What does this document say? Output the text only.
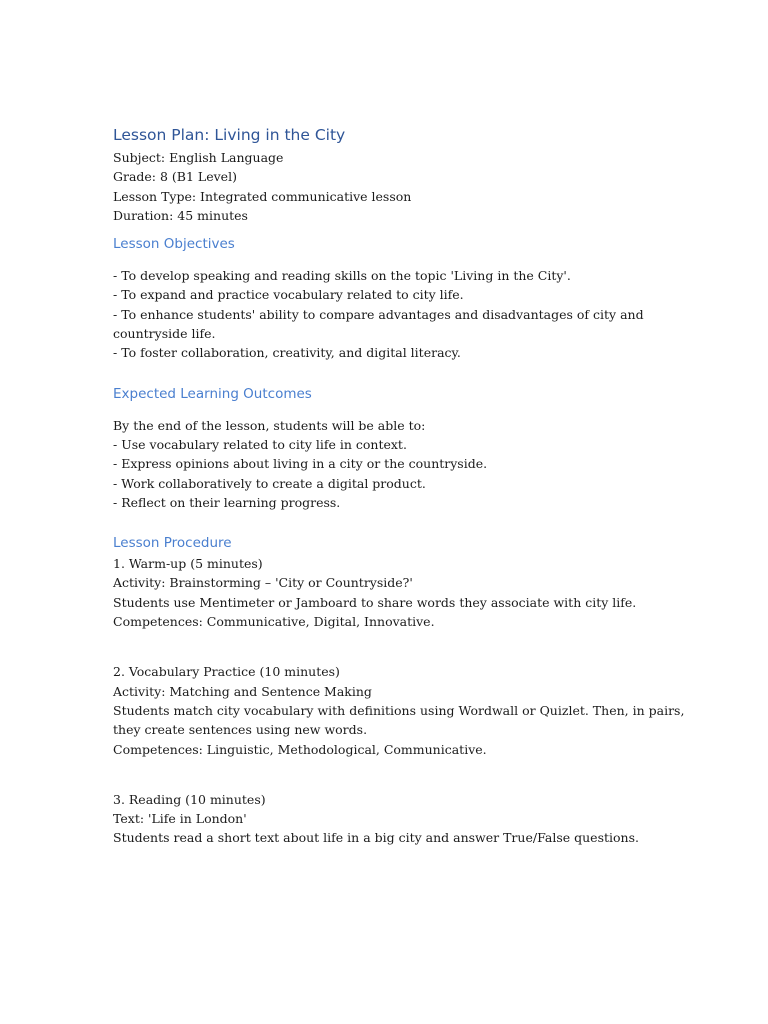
Lesson Plan: Living in the City
Subject: English Language
Grade: 8 (B1 Level)
Lesson Type: Integrated communicative lesson
Duration: 45 minutes
Lesson Objectives
- To develop speaking and reading skills on the topic 'Living in the City'.
- To expand and practice vocabulary related to city life.
- To enhance students' ability to compare advantages and disadvantages of city and
countryside life.
- To foster collaboration, creativity, and digital literacy.
Expected Learning Outcomes
By the end of the lesson, students will be able to:
- Use vocabulary related to city life in context.
- Express opinions about living in a city or the countryside.
- Work collaboratively to create a digital product.
- Reflect on their learning progress.
Lesson Procedure
1. Warm-up (5 minutes)
Activity: Brainstorming – 'City or Countryside?'
Students use Mentimeter or Jamboard to share words they associate with city life.
Competences: Communicative, Digital, Innovative.
2. Vocabulary Practice (10 minutes)
Activity: Matching and Sentence Making
Students match city vocabulary with definitions using Wordwall or Quizlet. Then, in pairs,
they create sentences using new words.
Competences: Linguistic, Methodological, Communicative.
3. Reading (10 minutes)
Text: 'Life in London'
Students read a short text about life in a big city and answer True/False questions.
